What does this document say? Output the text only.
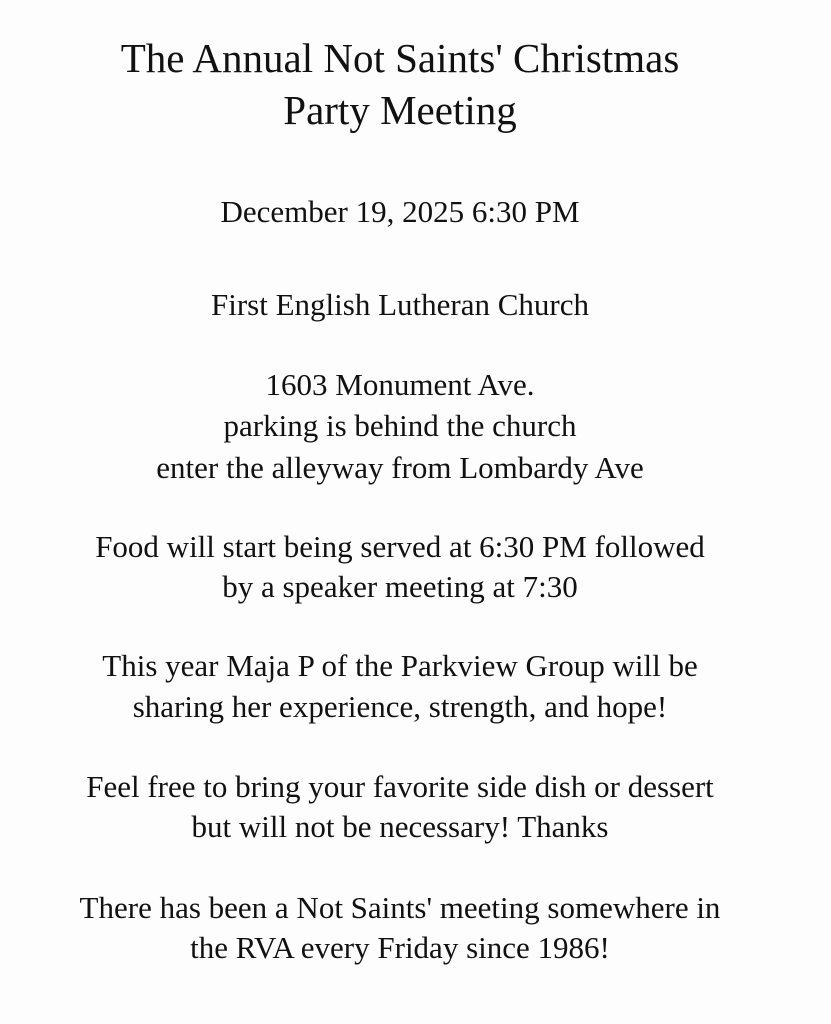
The Annual Not Saints' Christmas
Party Meeting
December 19, 2025 6:30 PM
First English Lutheran Church
1603 Monument Ave.
parking is behind the church
enter the alleyway from Lombardy Ave
Food will start being served at 6:30 PM followed
by a speaker meeting at 7:30
This year Maja P of the Parkview Group will be
sharing her experience, strength, and hope!
Feel free to bring your favorite side dish or dessert
but will not be necessary! Thanks
There has been a Not Saints' meeting somewhere in
the RVA every Friday since 1986!
